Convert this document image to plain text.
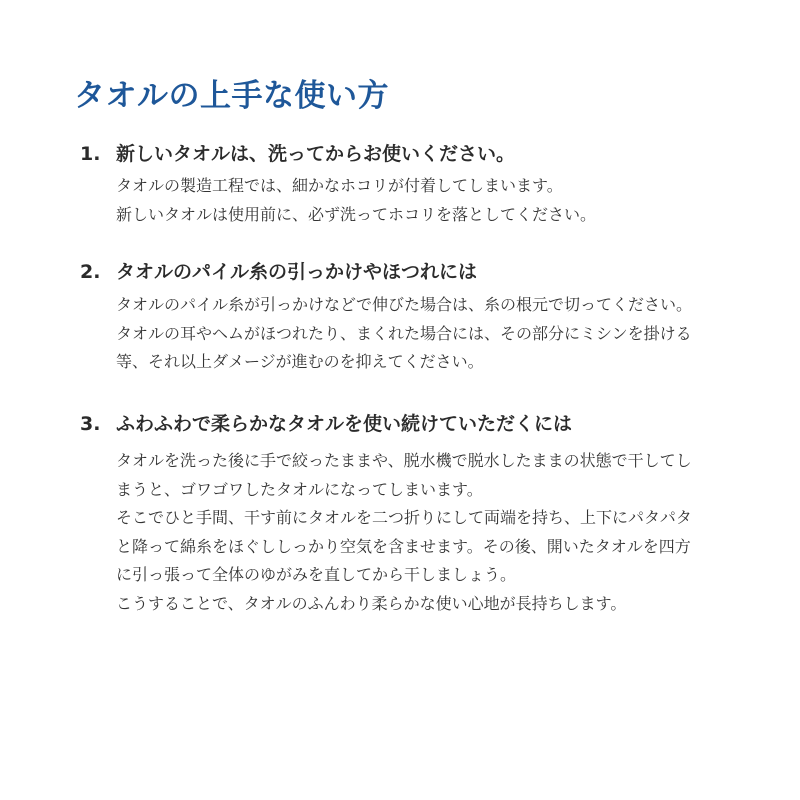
タオルの上手な使い方
1. 新しいタオルは、洗ってからお使いください。

タオルの製造工程では、細かなホコリが付着してしまいます。
新しいタオルは使用前に、必ず洗ってホコリを落としてください。

2. タオルのパイル糸の引っかけやほつれには

タオルのパイル糸が引っかけなどで伸びた場合は、糸の根元で切ってください。
タオルの耳やヘムがほつれたり、まくれた場合には、その部分にミシンを掛ける
等、それ以上ダメージが進むのを抑えてください。

3. ふわふわで柔らかなタオルを使い続けていただくには

タオルを洗った後に手で絞ったままや、脱水機で脱水したままの状態で干してし
まうと、ゴワゴワしたタオルになってしまいます。
そこでひと手間、干す前にタオルを二つ折りにして両端を持ち、上下にパタパタ
と降って綿糸をほぐししっかり空気を含ませます。その後、開いたタオルを四方
に引っ張って全体のゆがみを直してから干しましょう。
こうすることで、タオルのふんわり柔らかな使い心地が長持ちします。
